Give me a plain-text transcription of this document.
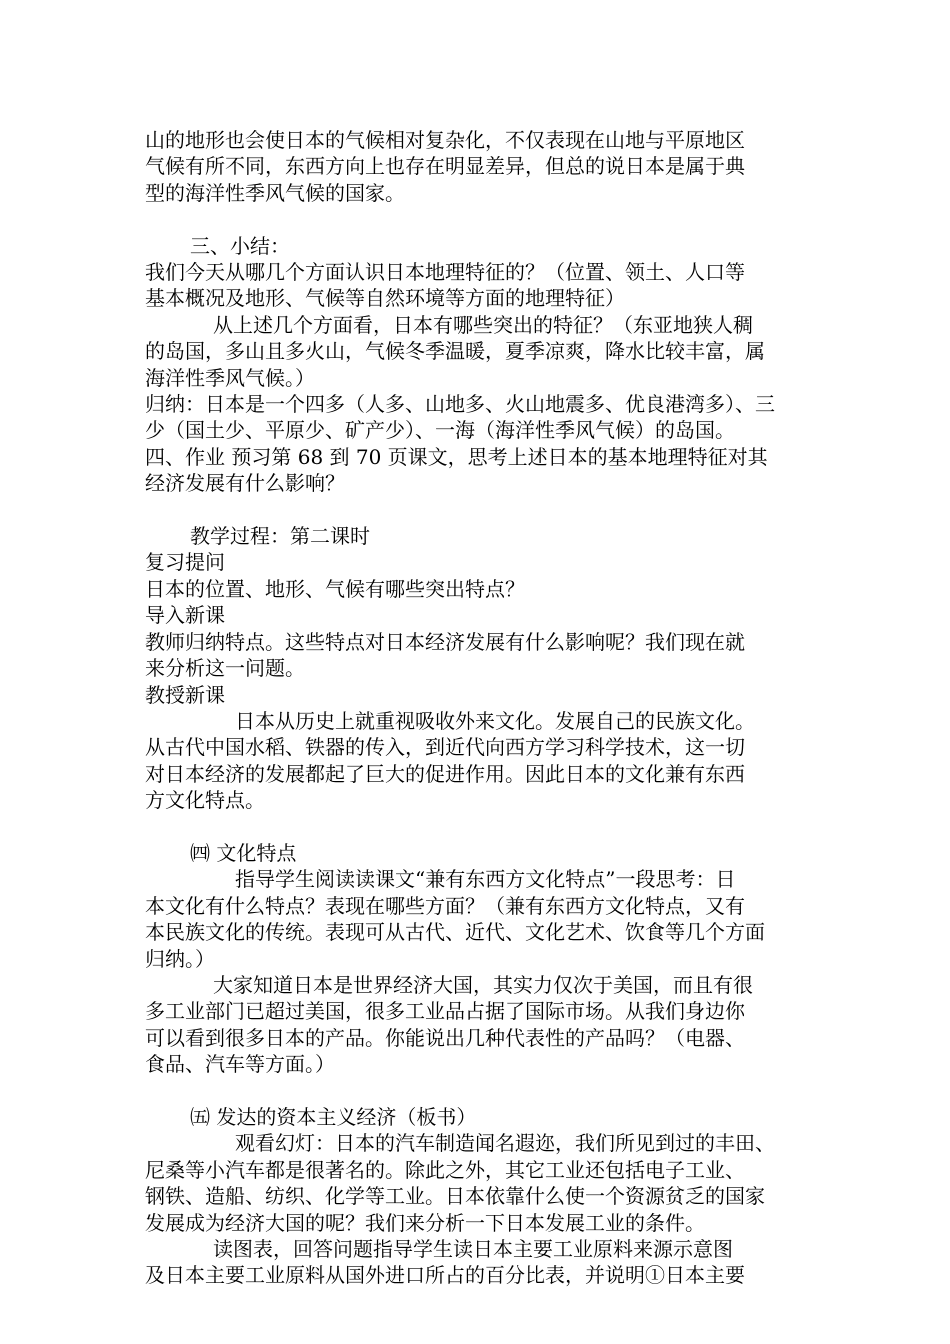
山的地形也会使日本的气候相对复杂化，不仅表现在山地与平原地区

气候有所不同，东西方向上也存在明显差异，但总的说日本是属于典

型的海洋性季风气候的国家。

三、小结：

我们今天从哪几个方面认识日本地理特征的？（位置、领土、人口等

基本概况及地形、气候等自然环境等方面的地理特征）

从上述几个方面看，日本有哪些突出的特征？（东亚地狭人稠

的岛国，多山且多火山，气候冬季温暖，夏季凉爽，降水比较丰富，属

海洋性季风气候。）

归纳：日本是一个四多（人多、山地多、火山地震多、优良港湾多）、三

少（国土少、平原少、矿产少）、一海（海洋性季风气候）的岛国。

四、作业 预习第 68 到 70 页课文，思考上述日本的基本地理特征对其

经济发展有什么影响？

教学过程：第二课时

复习提问

日本的位置、地形、气候有哪些突出特点？

导入新课

教师归纳特点。这些特点对日本经济发展有什么影响呢？我们现在就

来分析这一问题。

教授新课

日本从历史上就重视吸收外来文化。发展自己的民族文化。

从古代中国水稻、铁器的传入，到近代向西方学习科学技术，这一切

对日本经济的发展都起了巨大的促进作用。因此日本的文化兼有东西

方文化特点。

㈣ 文化特点

指导学生阅读读课文“兼有东西方文化特点”一段思考：日

本文化有什么特点？表现在哪些方面？（兼有东西方文化特点，又有

本民族文化的传统。表现可从古代、近代、文化艺术、饮食等几个方面

归纳。）

大家知道日本是世界经济大国，其实力仅次于美国，而且有很

多工业部门已超过美国，很多工业品占据了国际市场。从我们身边你

可以看到很多日本的产品。你能说出几种代表性的产品吗？（电器、

食品、汽车等方面。）

㈤ 发达的资本主义经济（板书）

观看幻灯：日本的汽车制造闻名遐迩，我们所见到过的丰田、

尼桑等小汽车都是很著名的。除此之外，其它工业还包括电子工业、

钢铁、造船、纺织、化学等工业。日本依靠什么使一个资源贫乏的国家

发展成为经济大国的呢？我们来分析一下日本发展工业的条件。

读图表，回答问题指导学生读日本主要工业原料来源示意图

及日本主要工业原料从国外进口所占的百分比表，并说明①日本主要
